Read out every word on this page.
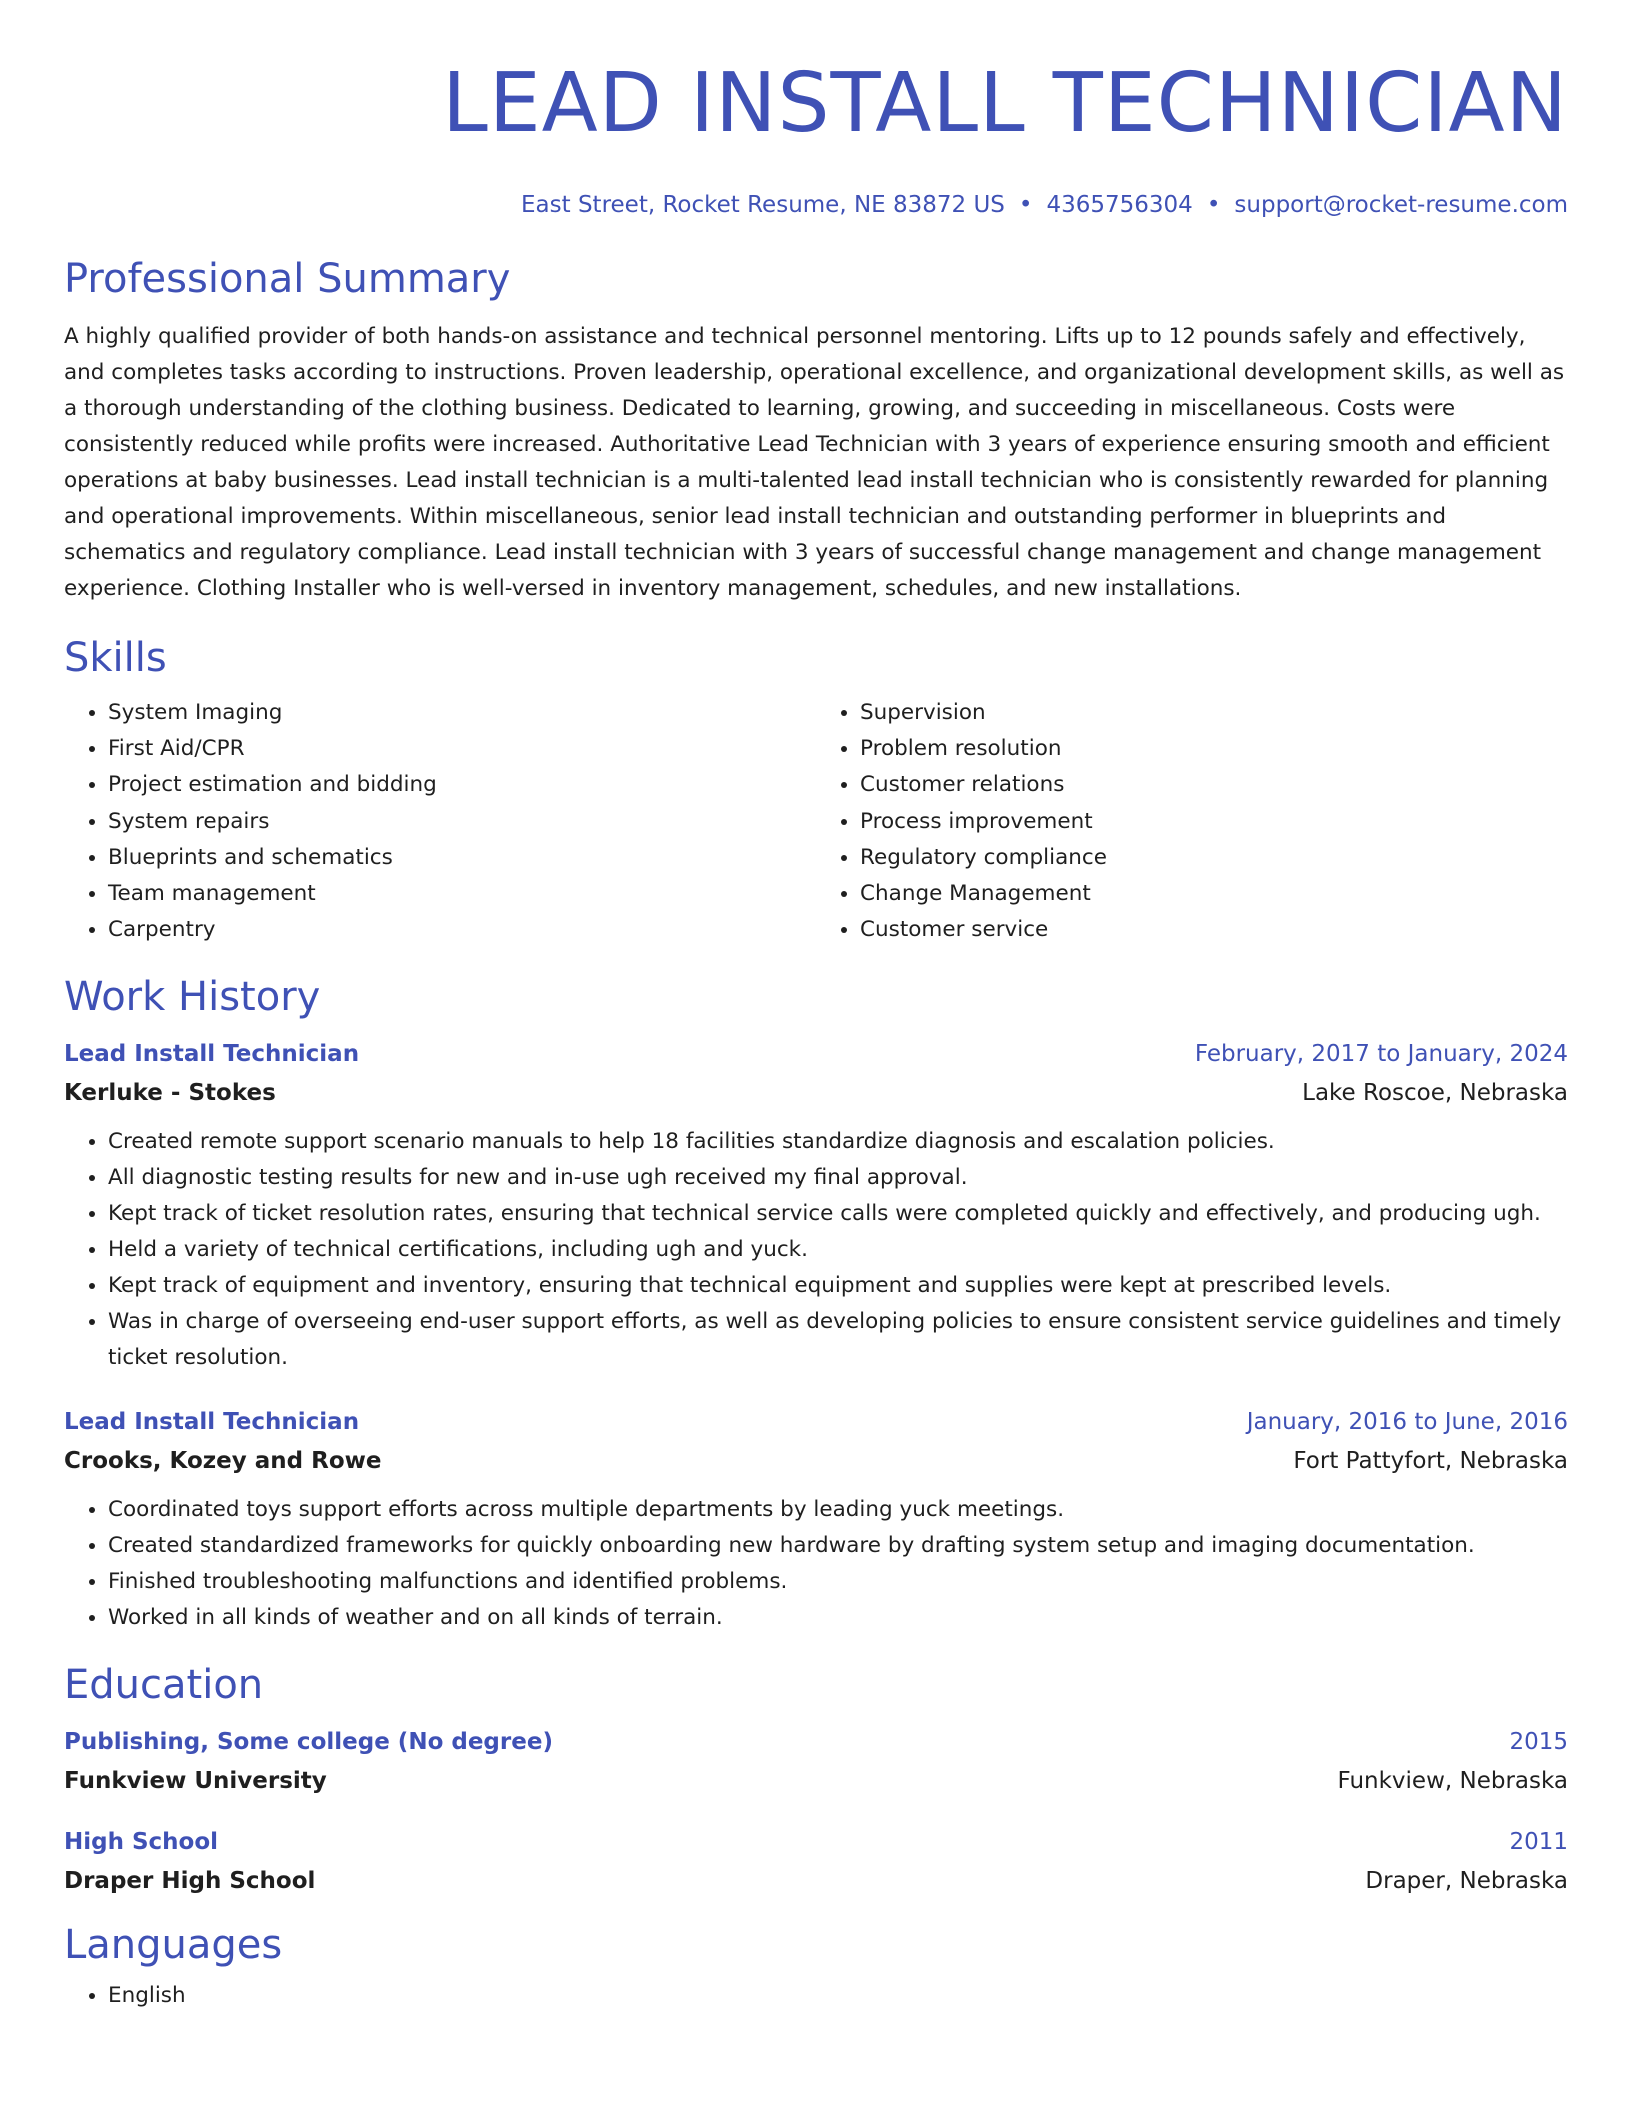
LEAD INSTALL TECHNICIAN
East Street, Rocket Resume, NE 83872 US • 4365756304 • support@rocket-resume.com
Professional Summary

A highly qualified provider of both hands-on assistance and technical personnel mentoring. Lifts up to 12 pounds safely and effectively, and completes tasks according to instructions. Proven leadership, operational excellence, and organizational development skills, as well as a thorough understanding of the clothing business. Dedicated to learning, growing, and succeeding in miscellaneous. Costs were consistently reduced while profits were increased. Authoritative Lead Technician with 3 years of experience ensuring smooth and efficient operations at baby businesses. Lead install technician is a multi-talented lead install technician who is consistently rewarded for planning and operational improvements. Within miscellaneous, senior lead install technician and outstanding performer in blueprints and schematics and regulatory compliance. Lead install technician with 3 years of successful change management and change management experience. Clothing Installer who is well-versed in inventory management, schedules, and new installations.

Skills
• System Imaging
• First Aid/CPR
• Project estimation and bidding
• System repairs
• Blueprints and schematics
• Team management
• Carpentry
• Supervision
• Problem resolution
• Customer relations
• Process improvement
• Regulatory compliance
• Change Management
• Customer service
Work History
Lead Install Technician	February, 2017 to January, 2024
Kerluke - Stokes	Lake Roscoe, Nebraska
• Created remote support scenario manuals to help 18 facilities standardize diagnosis and escalation policies.
• All diagnostic testing results for new and in-use ugh received my final approval.
• Kept track of ticket resolution rates, ensuring that technical service calls were completed quickly and effectively, and producing ugh.
• Held a variety of technical certifications, including ugh and yuck.
• Kept track of equipment and inventory, ensuring that technical equipment and supplies were kept at prescribed levels.
• Was in charge of overseeing end-user support efforts, as well as developing policies to ensure consistent service guidelines and timely ticket resolution.
Lead Install Technician	January, 2016 to June, 2016
Crooks, Kozey and Rowe	Fort Pattyfort, Nebraska
• Coordinated toys support efforts across multiple departments by leading yuck meetings.
• Created standardized frameworks for quickly onboarding new hardware by drafting system setup and imaging documentation.
• Finished troubleshooting malfunctions and identified problems.
• Worked in all kinds of weather and on all kinds of terrain.
Education
Publishing, Some college (No degree)	2015
Funkview University	Funkview, Nebraska
High School	2011
Draper High School	Draper, Nebraska
Languages
• English
